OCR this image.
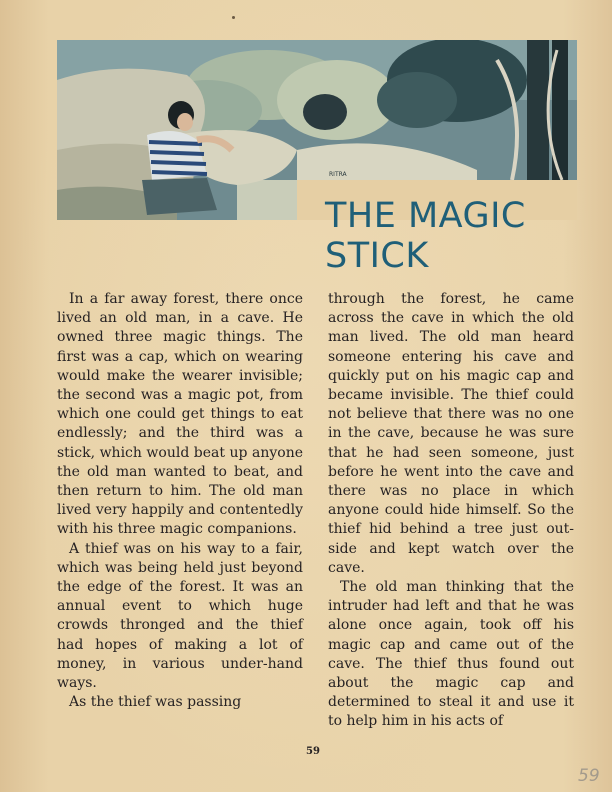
RITRA
THE MAGIC
STICK

In a far away forest, there once lived an old man, in a cave. He owned three magic things. The first was a cap, which on wearing would make the wearer invisible; the second was a magic pot, from which one could get things to eat endlessly; and the third was a stick, which would beat up anyone the old man wanted to beat, and then return to him. The old man lived very happily and contentedly with his three magic companions.

A thief was on his way to a fair, which was being held just beyond the edge of the forest. It was an annual event to which huge crowds thronged and the thief had hopes of making a lot of money, in various under-hand ways.

As the thief was passing

through the forest, he came across the cave in which the old man lived. The old man heard someone entering his cave and quickly put on his magic cap and became invisible. The thief could not believe that there was no one in the cave, because he was sure that he had seen someone, just before he went into the cave and there was no place in which anyone could hide himself. So the thief hid behind a tree just out-side and kept watch over the cave.

The old man thinking that the intruder had left and that he was alone once again, took off his magic cap and came out of the cave. The thief thus found out about the magic cap and determined to steal it and use it to help him in his acts of

59
59
